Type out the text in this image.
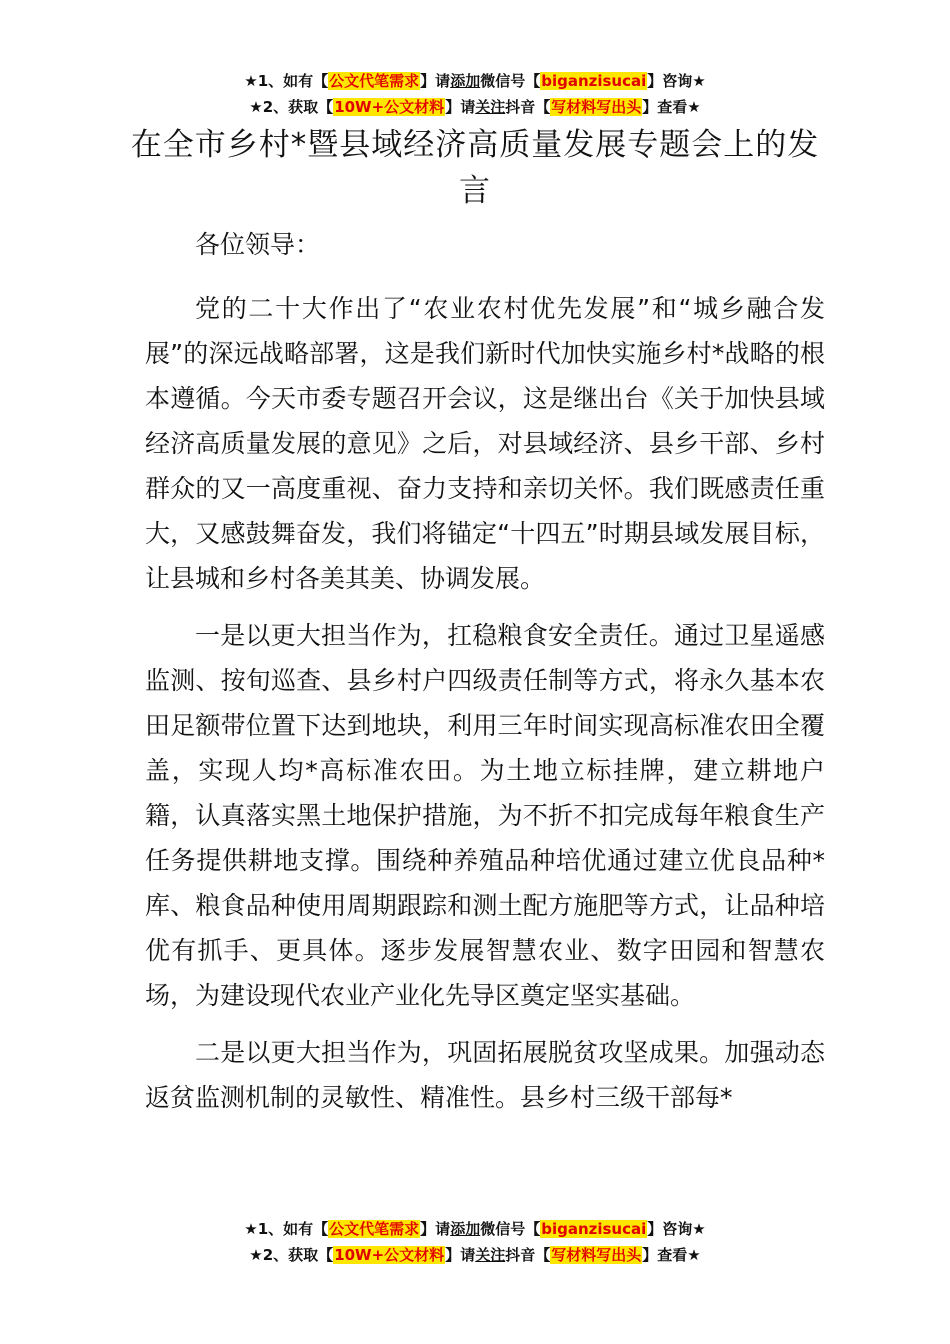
★1、如有【公文代笔需求】请添加微信号【biganzisucai】咨询★
★2、获取【10W+公文材料】请关注抖音【写材料写出头】查看★
在全市乡村*暨县域经济高质量发展专题会上的发言

各位领导：

党的二十大作出了“农业农村优先发展”和“城乡融合发展”的深远战略部署，这是我们新时代加快实施乡村*战略的根本遵循。今天市委专题召开会议，这是继出台《关于加快县域经济高质量发展的意见》之后，对县域经济、县乡干部、乡村群众的又一高度重视、奋力支持和亲切关怀。我们既感责任重大，又感鼓舞奋发，我们将锚定“十四五”时期县域发展目标，让县城和乡村各美其美、协调发展。

一是以更大担当作为，扛稳粮食安全责任。通过卫星遥感监测、按旬巡查、县乡村户四级责任制等方式，将永久基本农田足额带位置下达到地块，利用三年时间实现高标准农田全覆盖，实现人均*高标准农田。为土地立标挂牌，建立耕地户籍，认真落实黑土地保护措施，为不折不扣完成每年粮食生产任务提供耕地支撑。围绕种养殖品种培优通过建立优良品种*库、粮食品种使用周期跟踪和测土配方施肥等方式，让品种培优有抓手、更具体。逐步发展智慧农业、数字田园和智慧农场，为建设现代农业产业化先导区奠定坚实基础。

二是以更大担当作为，巩固拓展脱贫攻坚成果。加强动态返贫监测机制的灵敏性、精准性。县乡村三级干部每*

★1、如有【公文代笔需求】请添加微信号【biganzisucai】咨询★
★2、获取【10W+公文材料】请关注抖音【写材料写出头】查看★
